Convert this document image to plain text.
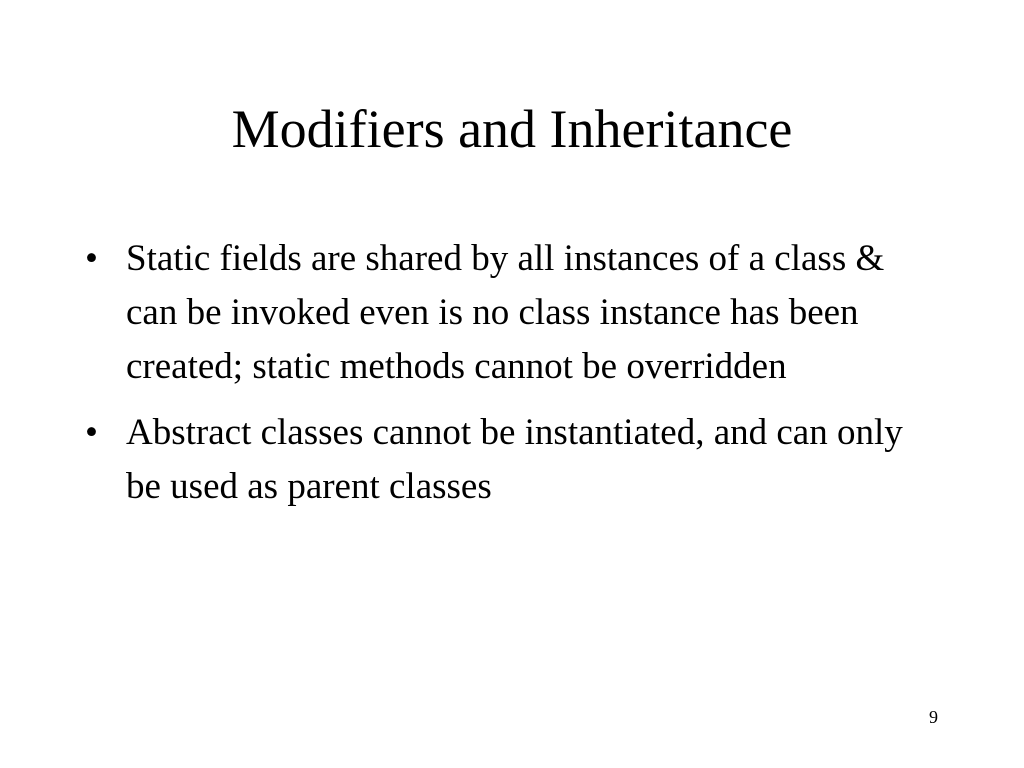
Modifiers and Inheritance
• Static fields are shared by all instances of a class & can be invoked even is no class instance has been created; static methods cannot be overridden
• Abstract classes cannot be instantiated, and can only be used as parent classes
9
